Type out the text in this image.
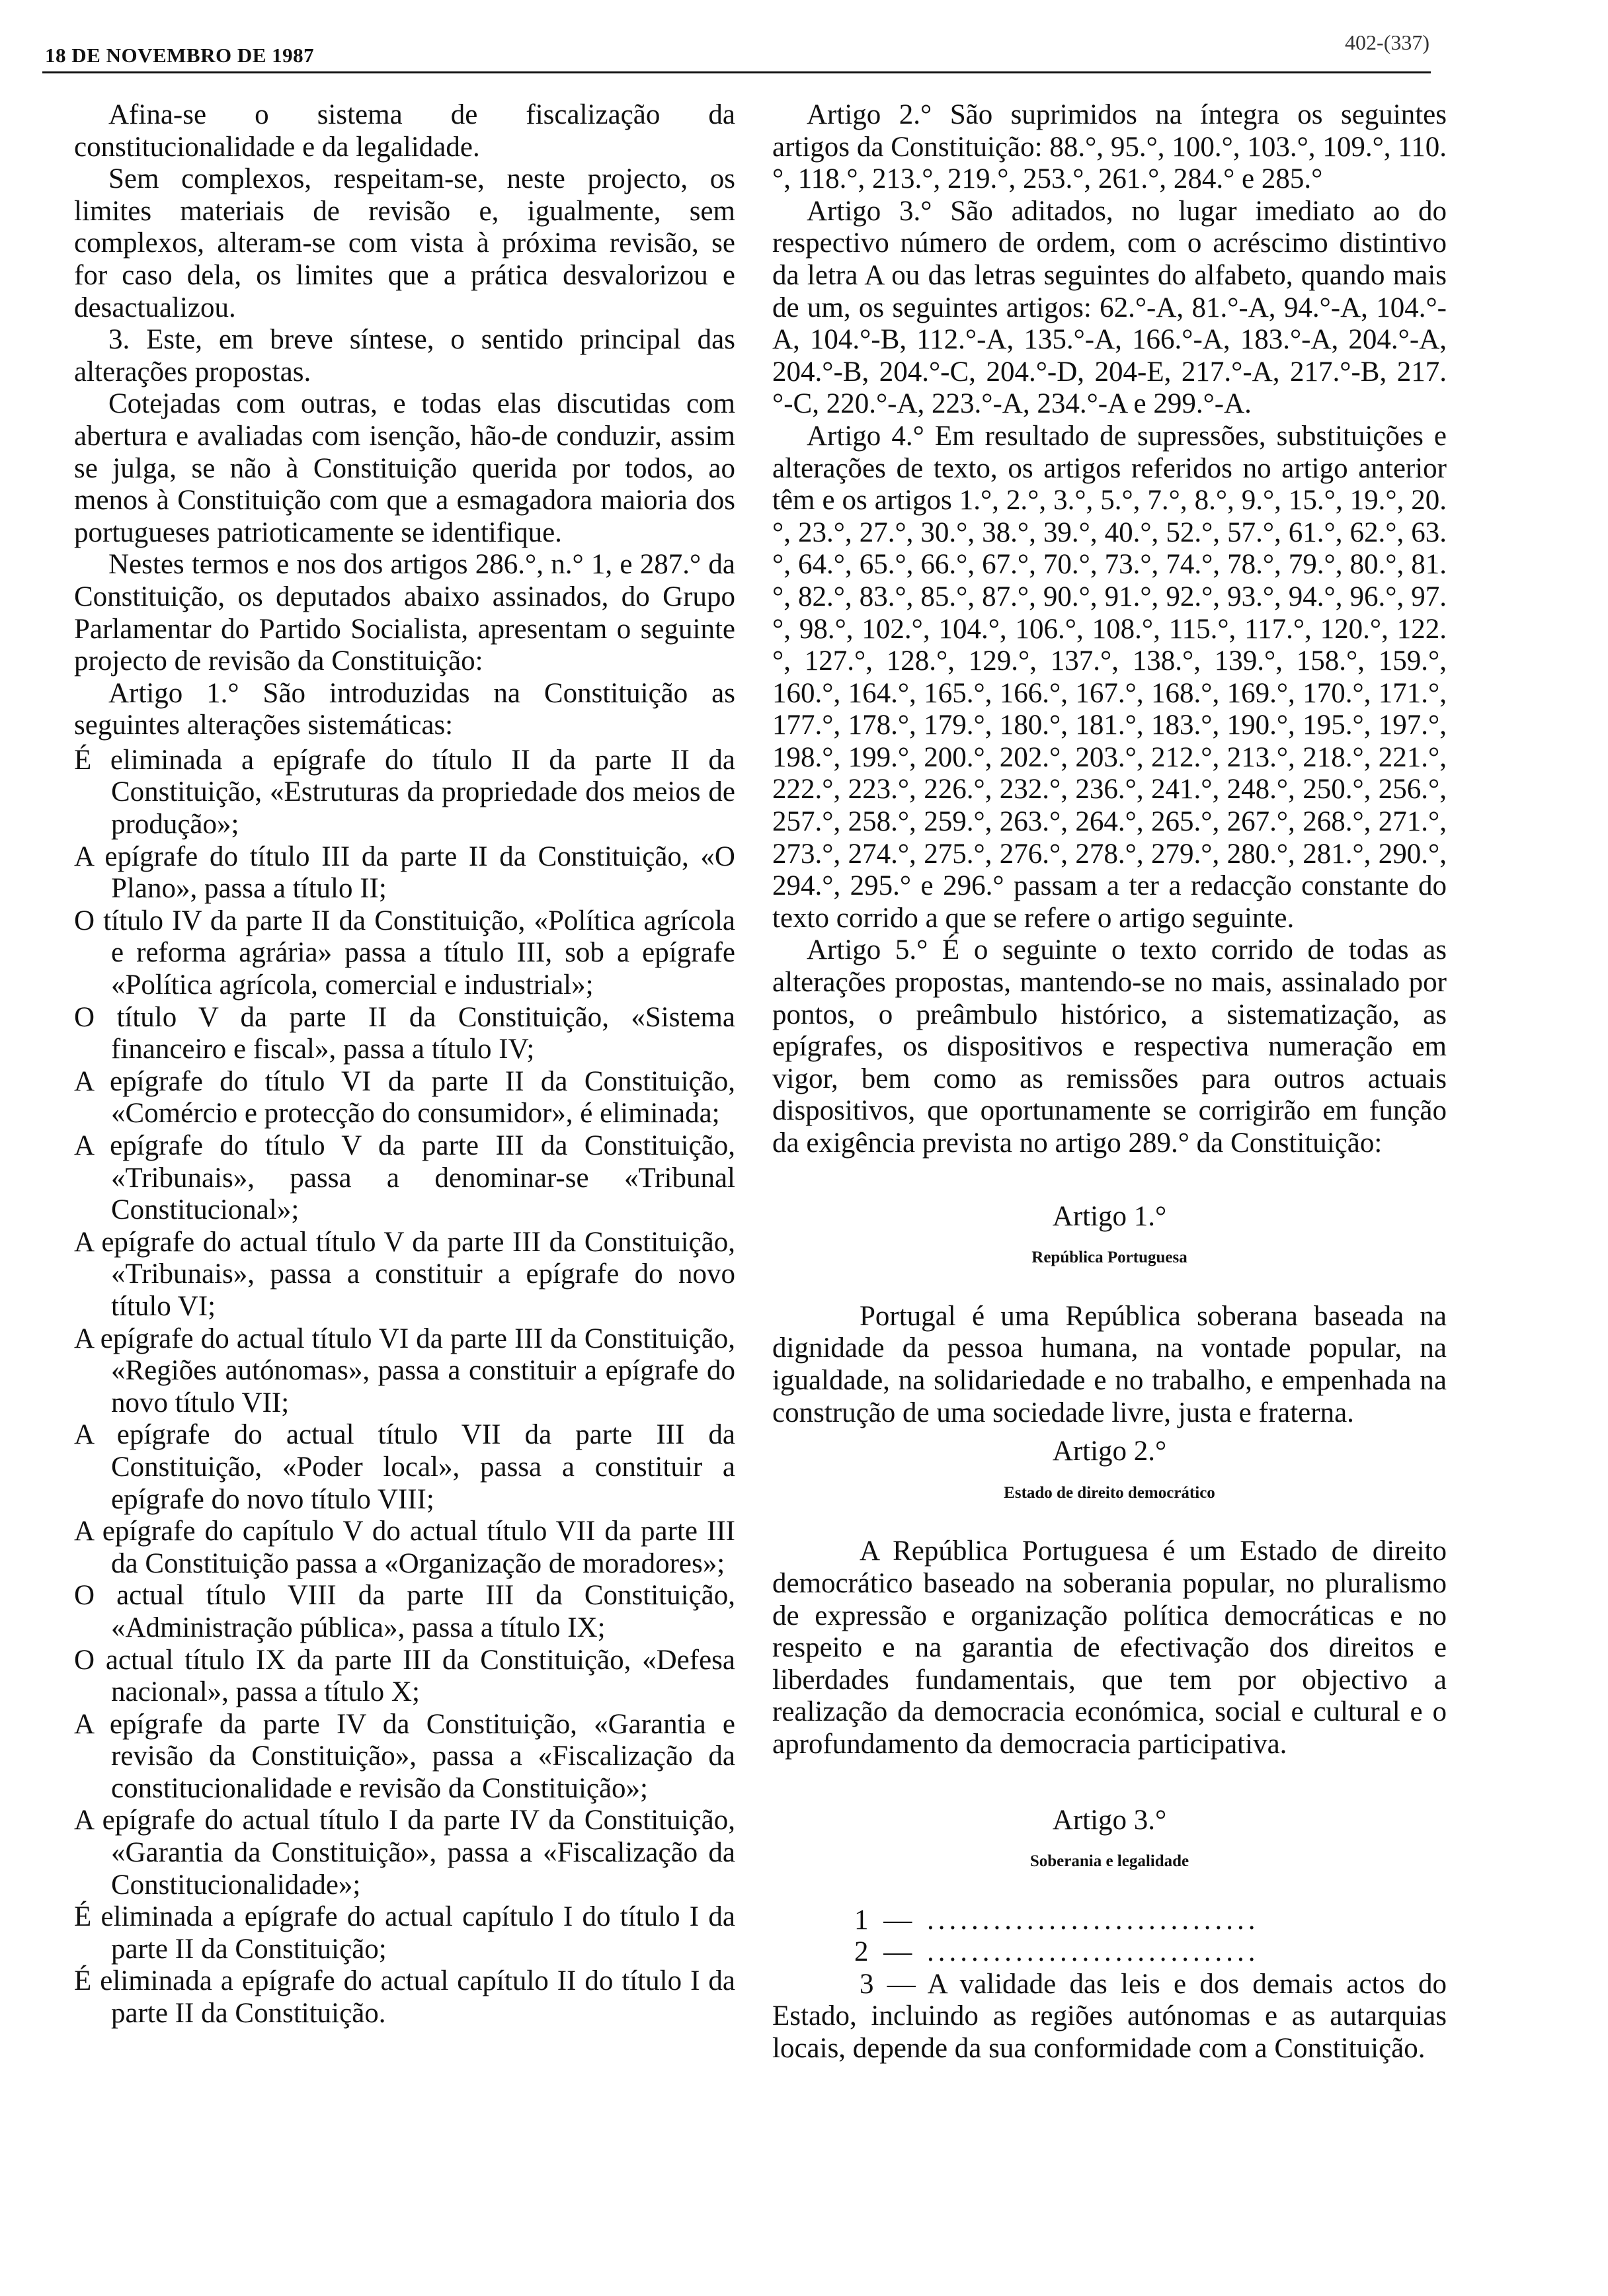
18 DE NOVEMBRO DE 1987
402-(337)

Afina-se o sistema de fiscalização da constitucionalidade e da legalidade.

Sem complexos, respeitam-se, neste projecto, os limites materiais de revisão e, igualmente, sem complexos, alteram-se com vista à próxima revisão, se for caso dela, os limites que a prática desvalorizou e desactualizou.

3. Este, em breve síntese, o sentido principal das alterações propostas.

Cotejadas com outras, e todas elas discutidas com abertura e avaliadas com isenção, hão-de conduzir, assim se julga, se não à Constituição querida por todos, ao menos à Constituição com que a esmagadora maioria dos portugueses patrioticamente se identifique.

Nestes termos e nos dos artigos 286.°, n.° 1, e 287.° da Constituição, os deputados abaixo assinados, do Grupo Parlamentar do Partido Socialista, apresentam o seguinte projecto de revisão da Constituição:

Artigo 1.° São introduzidas na Constituição as seguintes alterações sistemáticas:

É eliminada a epígrafe do título II da parte II da Constituição, «Estruturas da propriedade dos meios de produção»;

A epígrafe do título III da parte II da Constituição, «O Plano», passa a título II;

O título IV da parte II da Constituição, «Política agrícola e reforma agrária» passa a título III, sob a epígrafe «Política agrícola, comercial e industrial»;

O título V da parte II da Constituição, «Sistema financeiro e fiscal», passa a título IV;

A epígrafe do título VI da parte II da Constituição, «Comércio e protecção do consumidor», é eliminada;

A epígrafe do título V da parte III da Constituição, «Tribunais», passa a denominar-se «Tribunal Constitucional»;

A epígrafe do actual título V da parte III da Constituição, «Tribunais», passa a constituir a epígrafe do novo título VI;

A epígrafe do actual título VI da parte III da Constituição, «Regiões autónomas», passa a constituir a epígrafe do novo título VII;

A epígrafe do actual título VII da parte III da Constituição, «Poder local», passa a constituir a epígrafe do novo título VIII;

A epígrafe do capítulo V do actual título VII da parte III da Constituição passa a «Organização de moradores»;

O actual título VIII da parte III da Constituição, «Administração pública», passa a título IX;

O actual título IX da parte III da Constituição, «Defesa nacional», passa a título X;

A epígrafe da parte IV da Constituição, «Garantia e revisão da Constituição», passa a «Fiscalização da constitucionalidade e revisão da Constituição»;

A epígrafe do actual título I da parte IV da Constituição, «Garantia da Constituição», passa a «Fiscalização da Constitucionalidade»;

É eliminada a epígrafe do actual capítulo I do título I da parte II da Constituição;

É eliminada a epígrafe do actual capítulo II do título I da parte II da Constituição.

Artigo 2.° São suprimidos na íntegra os seguintes artigos da Constituição: 88.°, 95.°, 100.°, 103.°, 109.°, 110.°, 118.°, 213.°, 219.°, 253.°, 261.°, 284.° e 285.°

Artigo 3.° São aditados, no lugar imediato ao do respectivo número de ordem, com o acréscimo distintivo da letra A ou das letras seguintes do alfabeto, quando mais de um, os seguintes artigos: 62.°-A, 81.°-A, 94.°-A, 104.°-A, 104.°-B, 112.°-A, 135.°-A, 166.°-A, 183.°-A, 204.°-A, 204.°-B, 204.°-C, 204.°-D, 204-E, 217.°-A, 217.°-B, 217.°-C, 220.°-A, 223.°-A, 234.°-A e 299.°-A.

Artigo 4.° Em resultado de supressões, substituições e alterações de texto, os artigos referidos no artigo anterior têm e os artigos 1.°, 2.°, 3.°, 5.°, 7.°, 8.°, 9.°, 15.°, 19.°, 20.°, 23.°, 27.°, 30.°, 38.°, 39.°, 40.°, 52.°, 57.°, 61.°, 62.°, 63.°, 64.°, 65.°, 66.°, 67.°, 70.°, 73.°, 74.°, 78.°, 79.°, 80.°, 81.°, 82.°, 83.°, 85.°, 87.°, 90.°, 91.°, 92.°, 93.°, 94.°, 96.°, 97.°, 98.°, 102.°, 104.°, 106.°, 108.°, 115.°, 117.°, 120.°, 122.°, 127.°, 128.°, 129.°, 137.°, 138.°, 139.°, 158.°, 159.°, 160.°, 164.°, 165.°, 166.°, 167.°, 168.°, 169.°, 170.°, 171.°, 177.°, 178.°, 179.°, 180.°, 181.°, 183.°, 190.°, 195.°, 197.°, 198.°, 199.°, 200.°, 202.°, 203.°, 212.°, 213.°, 218.°, 221.°, 222.°, 223.°, 226.°, 232.°, 236.°, 241.°, 248.°, 250.°, 256.°, 257.°, 258.°, 259.°, 263.°, 264.°, 265.°, 267.°, 268.°, 271.°, 273.°, 274.°, 275.°, 276.°, 278.°, 279.°, 280.°, 281.°, 290.°, 294.°, 295.° e 296.° passam a ter a redacção constante do texto corrido a que se refere o artigo seguinte.

Artigo 5.° É o seguinte o texto corrido de todas as alterações propostas, mantendo-se no mais, assinalado por pontos, o preâmbulo histórico, a sistematização, as epígrafes, os dispositivos e respectiva numeração em vigor, bem como as remissões para outros actuais dispositivos, que oportunamente se corrigirão em função da exigência prevista no artigo 289.° da Constituição:

Artigo 1.°

República Portuguesa

Portugal é uma República soberana baseada na dignidade da pessoa humana, na vontade popular, na igualdade, na solidariedade e no trabalho, e empenhada na construção de uma sociedade livre, justa e fraterna.

Artigo 2.°

Estado de direito democrático

A República Portuguesa é um Estado de direito democrático baseado na soberania popular, no pluralismo de expressão e organização política democráticas e no respeito e na garantia de efectivação dos direitos e liberdades fundamentais, que tem por objectivo a realização da democracia económica, social e cultural e o aprofundamento da democracia participativa.

Artigo 3.°

Soberania e legalidade

1 — ..............................

2 — ..............................

3 — A validade das leis e dos demais actos do Estado, incluindo as regiões autónomas e as autarquias locais, depende da sua conformidade com a Constituição.
